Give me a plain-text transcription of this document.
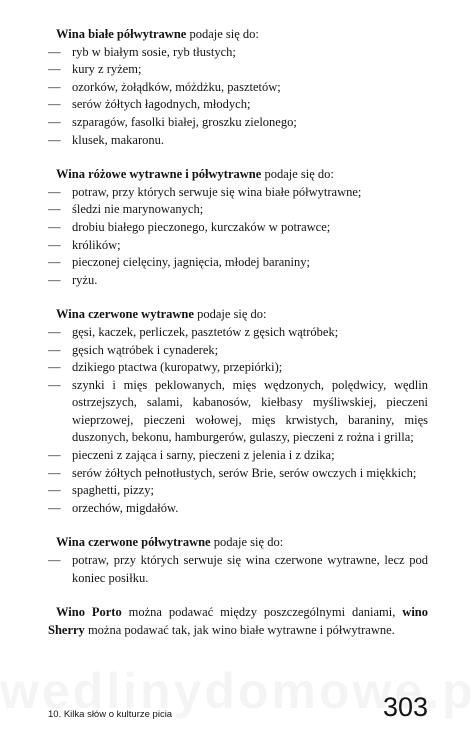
Wina białe półwytrawne podaje się do:

— ryb w białym sosie, ryb tłustych;
— kury z ryżem;
— ozorków, żołądków, móżdżku, pasztetów;
— serów żółtych łagodnych, młodych;
— szparagów, fasolki białej, groszku zielonego;
— klusek, makaronu.

Wina różowe wytrawne i półwytrawne podaje się do:

— potraw, przy których serwuje się wina białe półwytrawne;
— śledzi nie marynowanych;
— drobiu białego pieczonego, kurczaków w potrawce;
— królików;
— pieczonej cielęciny, jagnięcia, młodej baraniny;
— ryżu.

Wina czerwone wytrawne podaje się do:

— gęsi, kaczek, perliczek, pasztetów z gęsich wątróbek;
— gęsich wątróbek i cynaderek;
— dzikiego ptactwa (kuropatwy, przepiórki);
— szynki i mięs peklowanych, mięs wędzonych, polędwicy, wędlin ostrzejszych, salami, kabanosów, kiełbasy myśliwskiej, pieczeni wieprzowej, pieczeni wołowej, mięs krwistych, baraniny, mięs duszonych, bekonu, hamburgerów, gulaszy, pieczeni z rożna i grilla;
— pieczeni z zająca i sarny, pieczeni z jelenia i z dzika;
— serów żółtych pełnotłustych, serów Brie, serów owczych i miękkich;
— spaghetti, pizzy;
— orzechów, migdałów.

Wina czerwone półwytrawne podaje się do:

— potraw, przy których serwuje się wina czerwone wytrawne, lecz pod koniec posiłku.

Wino Porto można podawać między poszczególnymi daniami, wino Sherry można podawać tak, jak wino białe wytrawne i półwytrawne.

10. Kilka słów o kulturze picia	303
